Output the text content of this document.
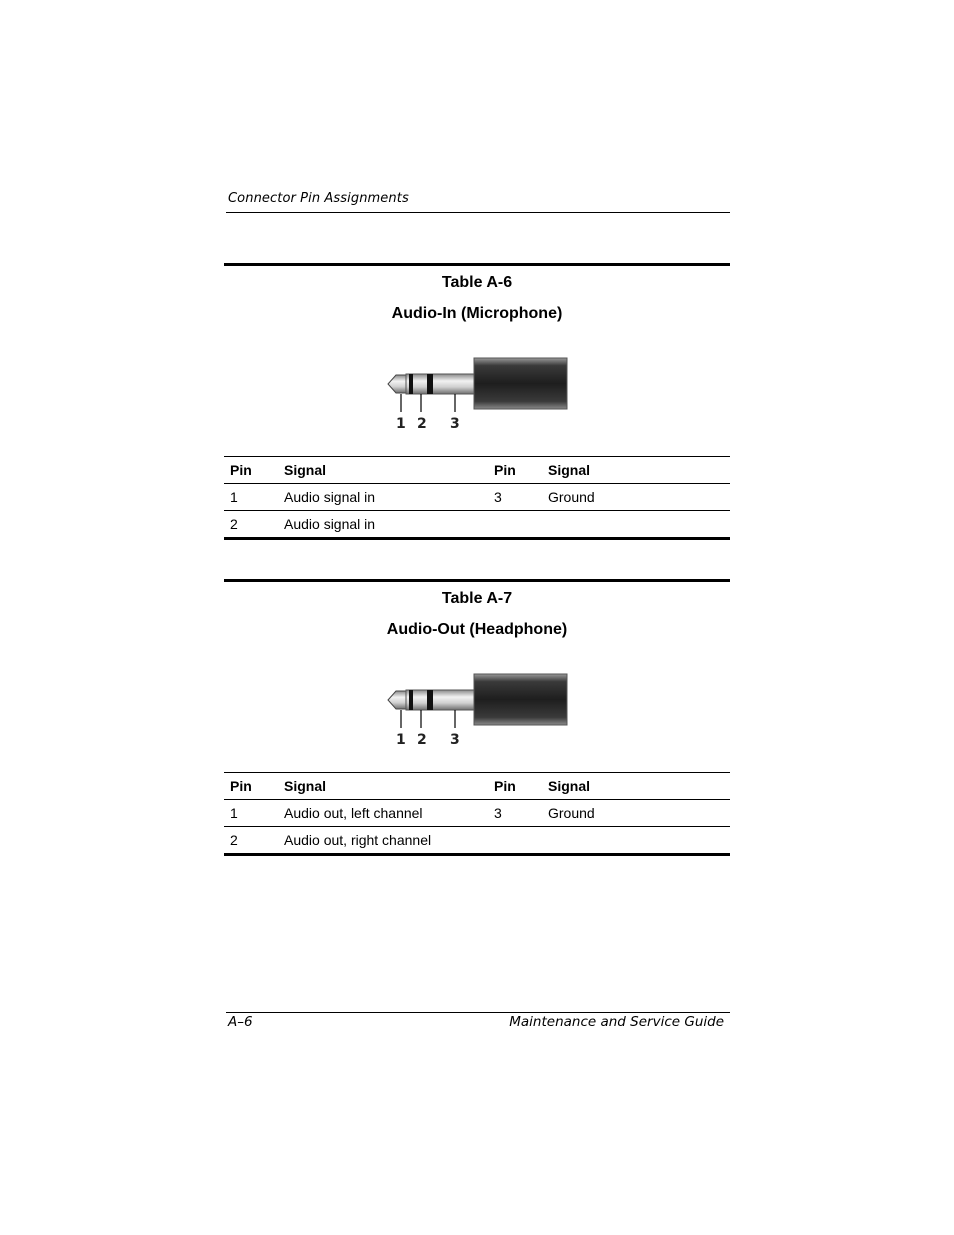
Connector Pin Assignments
Table A-6
Audio-In (Microphone)
1 2 3
Pin	Signal	Pin	Signal
1	Audio signal in	3	Ground
2	Audio signal in		
Table A-7
Audio-Out (Headphone)
1 2 3
Pin	Signal	Pin	Signal
1	Audio out, left channel	3	Ground
2	Audio out, right channel		
A–6	Maintenance and Service Guide
